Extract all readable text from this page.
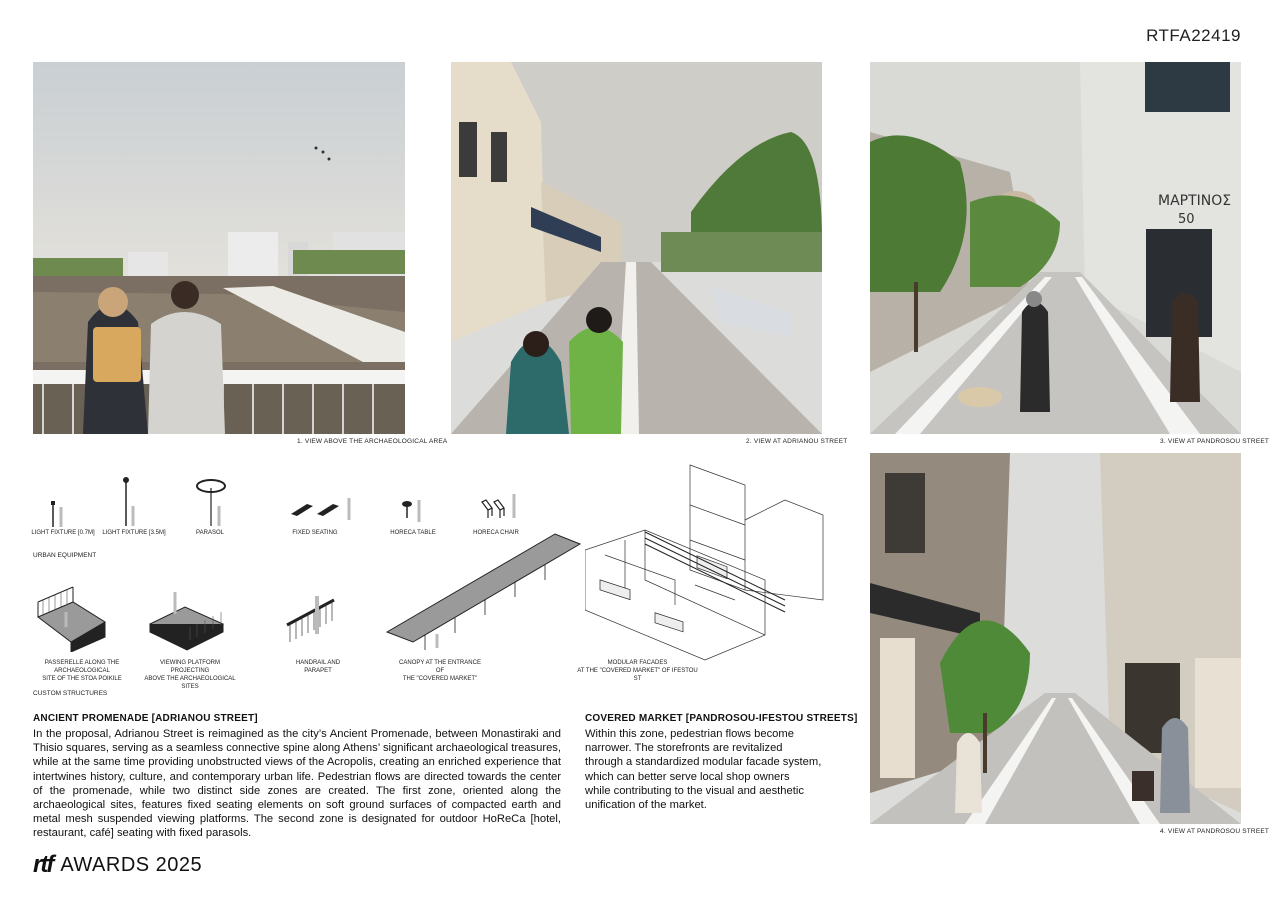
RTFA22419
1. VIEW ABOVE THE ARCHAEOLOGICAL AREA	2. VIEW AT ADRIANOU STREET
ΜΑΡΤΙΝΟΣ
50
3. VIEW AT PANDROSOU STREET
4. VIEW AT PANDROSOU STREET
LIGHT FIXTURE [0.7M]	LIGHT FIXTURE [3.5M]	PARASOL	FIXED SEATING	HORECA TABLE	HORECA CHAIR
URBAN EQUIPMENT
PASSERELLE ALONG THE ARCHAEOLOGICAL
SITE OF THE STOA POIKILE
VIEWING PLATFORM PROJECTING
ABOVE THE ARCHAEOLOGICAL SITES
HANDRAIL AND PARAPET
CANOPY AT THE ENTRANCE OF
THE "COVERED MARKET"
MODULAR FACADES
AT THE "COVERED MARKET" OF IFESTOU ST
CUSTOM STRUCTURES
ANCIENT PROMENADE [ADRIANOU STREET]
In the proposal, Adrianou Street is reimagined as the city’s Ancient Promenade, between Monastiraki and Thisio squares, serving as a seamless connective spine along Athens’ significant archaeological treasures, while at the same time providing unobstructed views of the Acropolis, creating an enriched experience that intertwines history, culture, and contemporary urban life. Pedestrian flows are directed towards the center of the promenade, while two distinct side zones are created. The first zone, oriented along the archaeological sites, features fixed seating elements on soft ground surfaces of compacted earth and metal mesh suspended viewing platforms. The second zone is designated for outdoor HoReCa [hotel, restaurant, café] seating with fixed parasols.
COVERED MARKET [PANDROSOU-IFESTOU STREETS]
Within this zone, pedestrian flows become
narrower. The storefronts are revitalized
through a standardized modular facade system,
which can better serve local shop owners
while contributing to the visual and aesthetic
unification of the market.
rtf AWARDS 2025
